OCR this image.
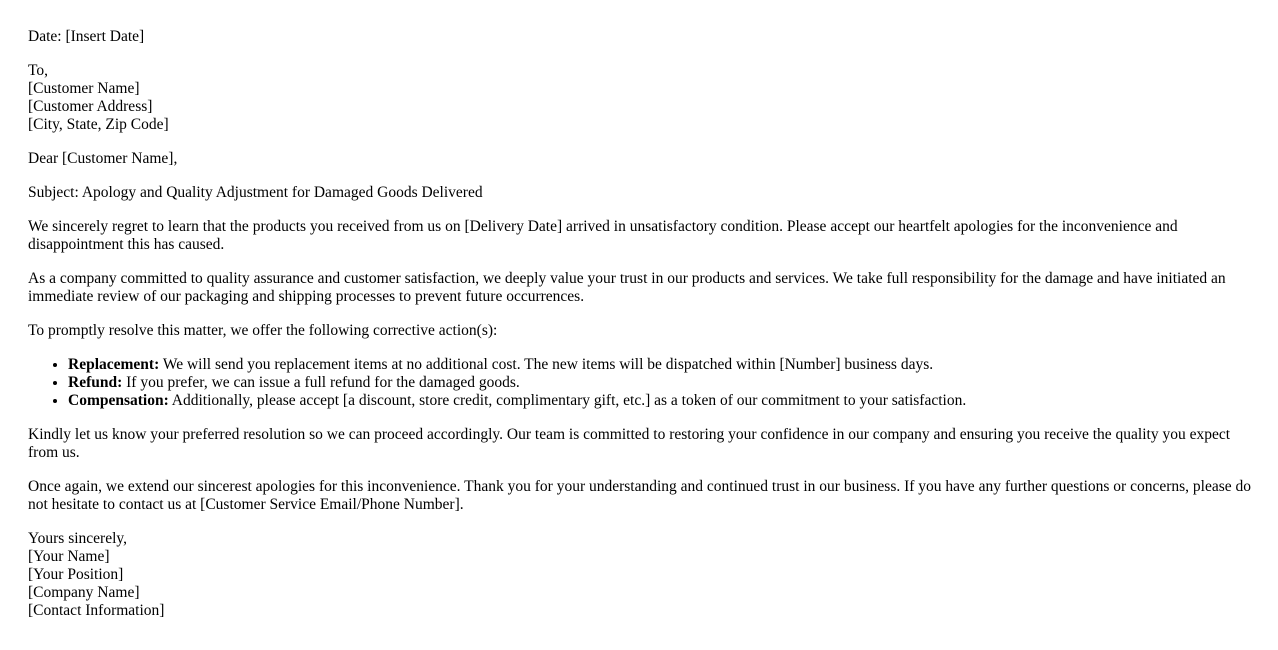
Date: [Insert Date]

To,
[Customer Name]
[Customer Address]
[City, State, Zip Code]

Dear [Customer Name],

Subject: Apology and Quality Adjustment for Damaged Goods Delivered

We sincerely regret to learn that the products you received from us on [Delivery Date] arrived in unsatisfactory condition. Please accept our heartfelt apologies for the inconvenience and disappointment this has caused.

As a company committed to quality assurance and customer satisfaction, we deeply value your trust in our products and services. We take full responsibility for the damage and have initiated an immediate review of our packaging and shipping processes to prevent future occurrences.

To promptly resolve this matter, we offer the following corrective action(s):

• Replacement: We will send you replacement items at no additional cost. The new items will be dispatched within [Number] business days.
• Refund: If you prefer, we can issue a full refund for the damaged goods.
• Compensation: Additionally, please accept [a discount, store credit, complimentary gift, etc.] as a token of our commitment to your satisfaction.

Kindly let us know your preferred resolution so we can proceed accordingly. Our team is committed to restoring your confidence in our company and ensuring you receive the quality you expect from us.

Once again, we extend our sincerest apologies for this inconvenience. Thank you for your understanding and continued trust in our business. If you have any further questions or concerns, please do not hesitate to contact us at [Customer Service Email/Phone Number].

Yours sincerely,
[Your Name]
[Your Position]
[Company Name]
[Contact Information]
